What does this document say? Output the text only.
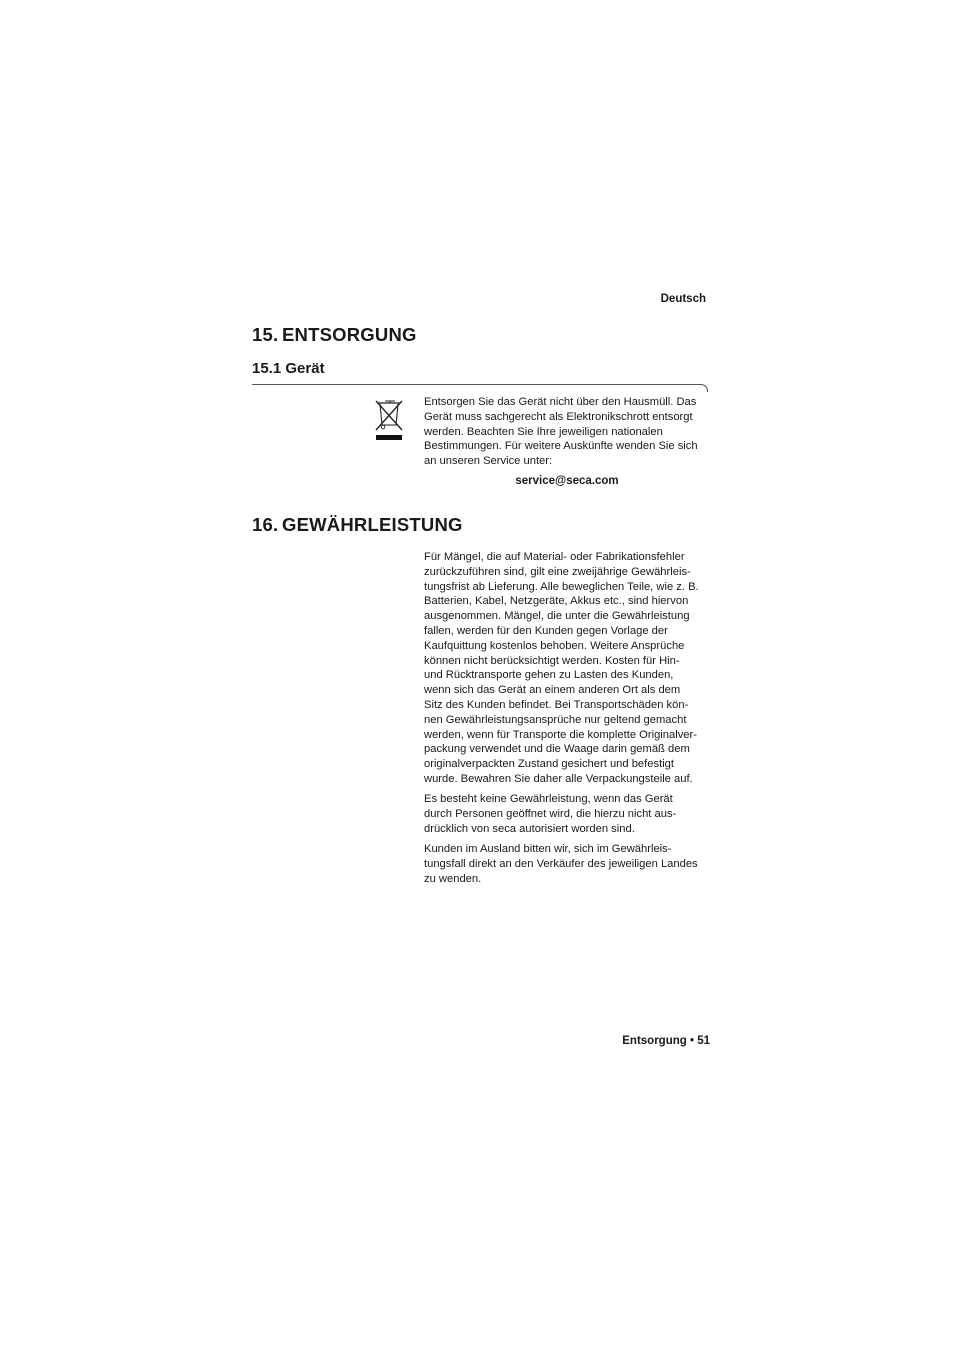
Deutsch
15. ENTSORGUNG
15.1 Gerät
Entsorgen Sie das Gerät nicht über den Hausmüll. Das
Gerät muss sachgerecht als Elektronikschrott entsorgt
werden. Beachten Sie Ihre jeweiligen nationalen
Bestimmungen. Für weitere Auskünfte wenden Sie sich
an unseren Service unter:
service@seca.com
16. GEWÄHRLEISTUNG
Für Mängel, die auf Material- oder Fabrikationsfehler
zurückzuführen sind, gilt eine zweijährige Gewährleis-
tungsfrist ab Lieferung. Alle beweglichen Teile, wie z. B.
Batterien, Kabel, Netzgeräte, Akkus etc., sind hiervon
ausgenommen. Mängel, die unter die Gewährleistung
fallen, werden für den Kunden gegen Vorlage der
Kaufquittung kostenlos behoben. Weitere Ansprüche
können nicht berücksichtigt werden. Kosten für Hin-
und Rücktransporte gehen zu Lasten des Kunden,
wenn sich das Gerät an einem anderen Ort als dem
Sitz des Kunden befindet. Bei Transportschäden kön-
nen Gewährleistungsansprüche nur geltend gemacht
werden, wenn für Transporte die komplette Originalver-
packung verwendet und die Waage darin gemäß dem
originalverpackten Zustand gesichert und befestigt
wurde. Bewahren Sie daher alle Verpackungsteile auf.
Es besteht keine Gewährleistung, wenn das Gerät
durch Personen geöffnet wird, die hierzu nicht aus-
drücklich von seca autorisiert worden sind.
Kunden im Ausland bitten wir, sich im Gewährleis-
tungsfall direkt an den Verkäufer des jeweiligen Landes
zu wenden.
Entsorgung • 51
